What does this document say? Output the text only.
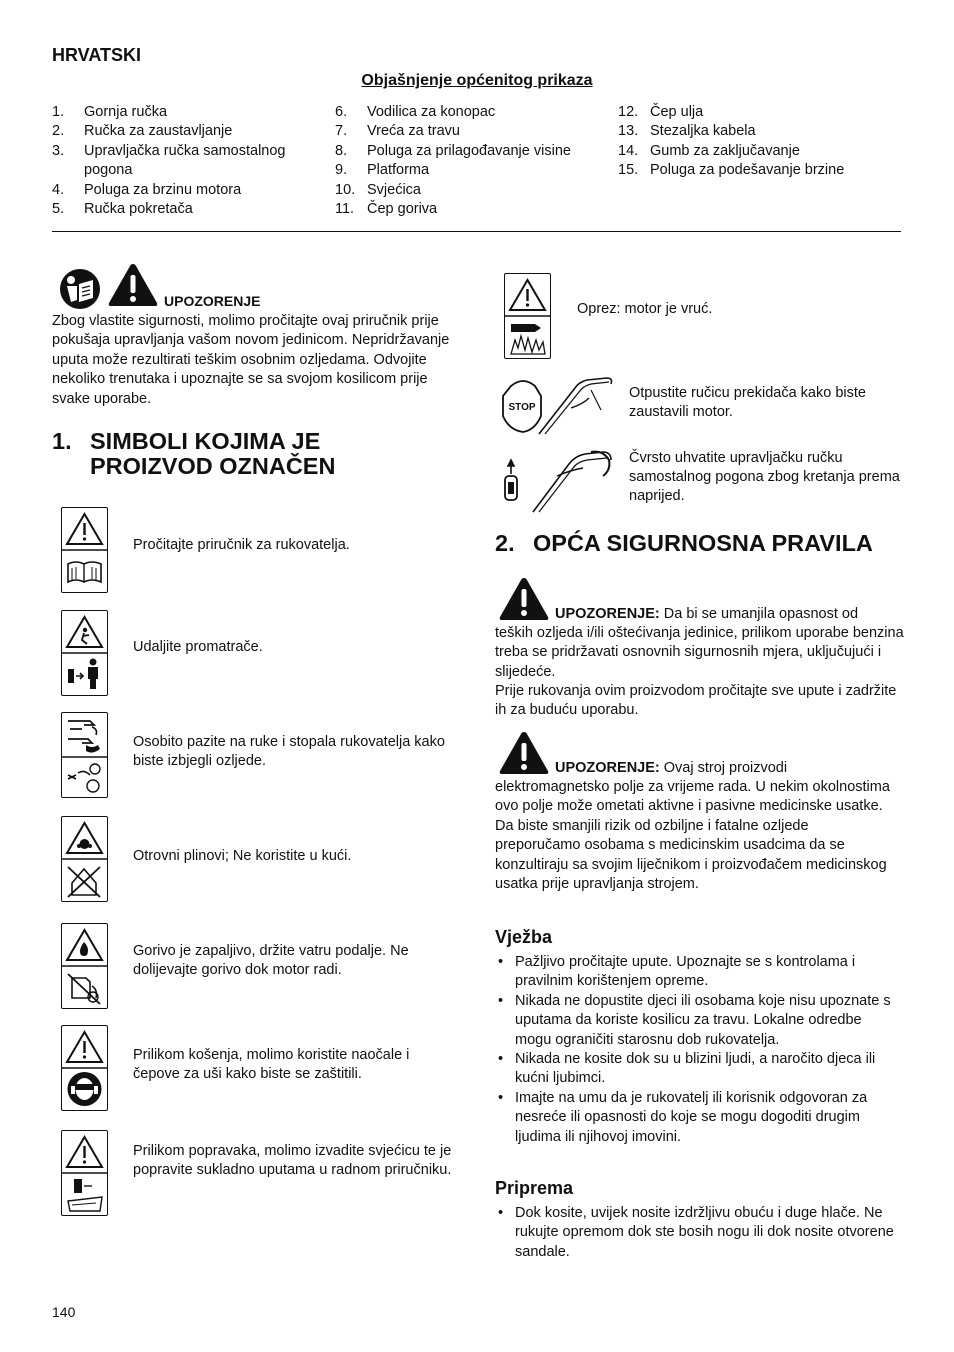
HRVATSKI
Objašnjenje općenitog prikaza
1.	Gornja ručka
2.	Ručka za zaustavljanje
3.	Upravljačka ručka samostalnog pogona
4.	Poluga za brzinu motora
5.	Ručka pokretača
6.	Vodilica za konopac
7.	Vreća za travu
8.	Poluga za prilagođavanje visine
9.	Platforma
10. Svjećica
11. Čep goriva
12. Čep ulja
13. Stezaljka kabela
14. Gumb za zaključavanje
15. Poluga za podešavanje brzine
UPOZORENJE
Zbog vlastite sigurnosti, molimo pročitajte ovaj priručnik prije pokušaja upravljanja vašom novom jedinicom. Nepridržavanje uputa može rezultirati teškim osobnim ozljedama. Odvojite nekoliko trenutaka i upoznajte se sa svojom kosilicom prije svake uporabe.
1. SIMBOLI KOJIMA JE
PROIZVOD OZNAČEN
Pročitajte priručnik za rukovatelja.
Udaljite promatrače.
Osobito pazite na ruke i stopala rukovatelja kako biste izbjegli ozljede.
Otrovni plinovi; Ne koristite u kući.
Gorivo je zapaljivo, držite vatru podalje. Ne dolijevajte gorivo dok motor radi.
Prilikom košenja, molimo koristite naočale i čepove za uši kako biste se zaštitili.
Prilikom popravaka, molimo izvadite svjećicu te je popravite sukladno uputama u radnom priručniku.
Oprez: motor je vruć.
STOP
Otpustite ručicu prekidača kako biste zaustavili motor.
Čvrsto uhvatite upravljačku ručku samostalnog pogona zbog kretanja prema naprijed.
2. OPĆA SIGURNOSNA PRAVILA
UPOZORENJE: Da bi se umanjila opasnost od
teških ozljeda i/ili oštećivanja jedinice, prilikom uporabe benzina treba se pridržavati osnovnih sigurnosnih mjera, uključujući i slijedeće.
Prije rukovanja ovim proizvodom pročitajte sve upute i zadržite ih za buduću uporabu.
UPOZORENJE: Ovaj stroj proizvodi
elektromagnetsko polje za vrijeme rada. U nekim okolnostima ovo polje može ometati aktivne i pasivne medicinske usatke. Da biste smanjili rizik od ozbiljne i fatalne ozljede preporučamo osobama s medicinskim usadcima da se konzultiraju sa svojim liječnikom i proizvođačem medicinskog usatka prije upravljanja strojem.
Vježba
• Pažljivo pročitajte upute. Upoznajte se s kontrolama i pravilnim korištenjem opreme.
• Nikada ne dopustite djeci ili osobama koje nisu upoznate s uputama da koriste kosilicu za travu. Lokalne odredbe mogu ograničiti starosnu dob rukovatelja.
• Nikada ne kosite dok su u blizini ljudi, a naročito djeca ili kućni ljubimci.
• Imajte na umu da je rukovatelj ili korisnik odgovoran za nesreće ili opasnosti do koje se mogu dogoditi drugim ljudima ili njihovoj imovini.
Priprema
• Dok kosite, uvijek nosite izdržljivu obuću i duge hlače. Ne rukujte opremom dok ste bosih nogu ili dok nosite otvorene sandale.
140
